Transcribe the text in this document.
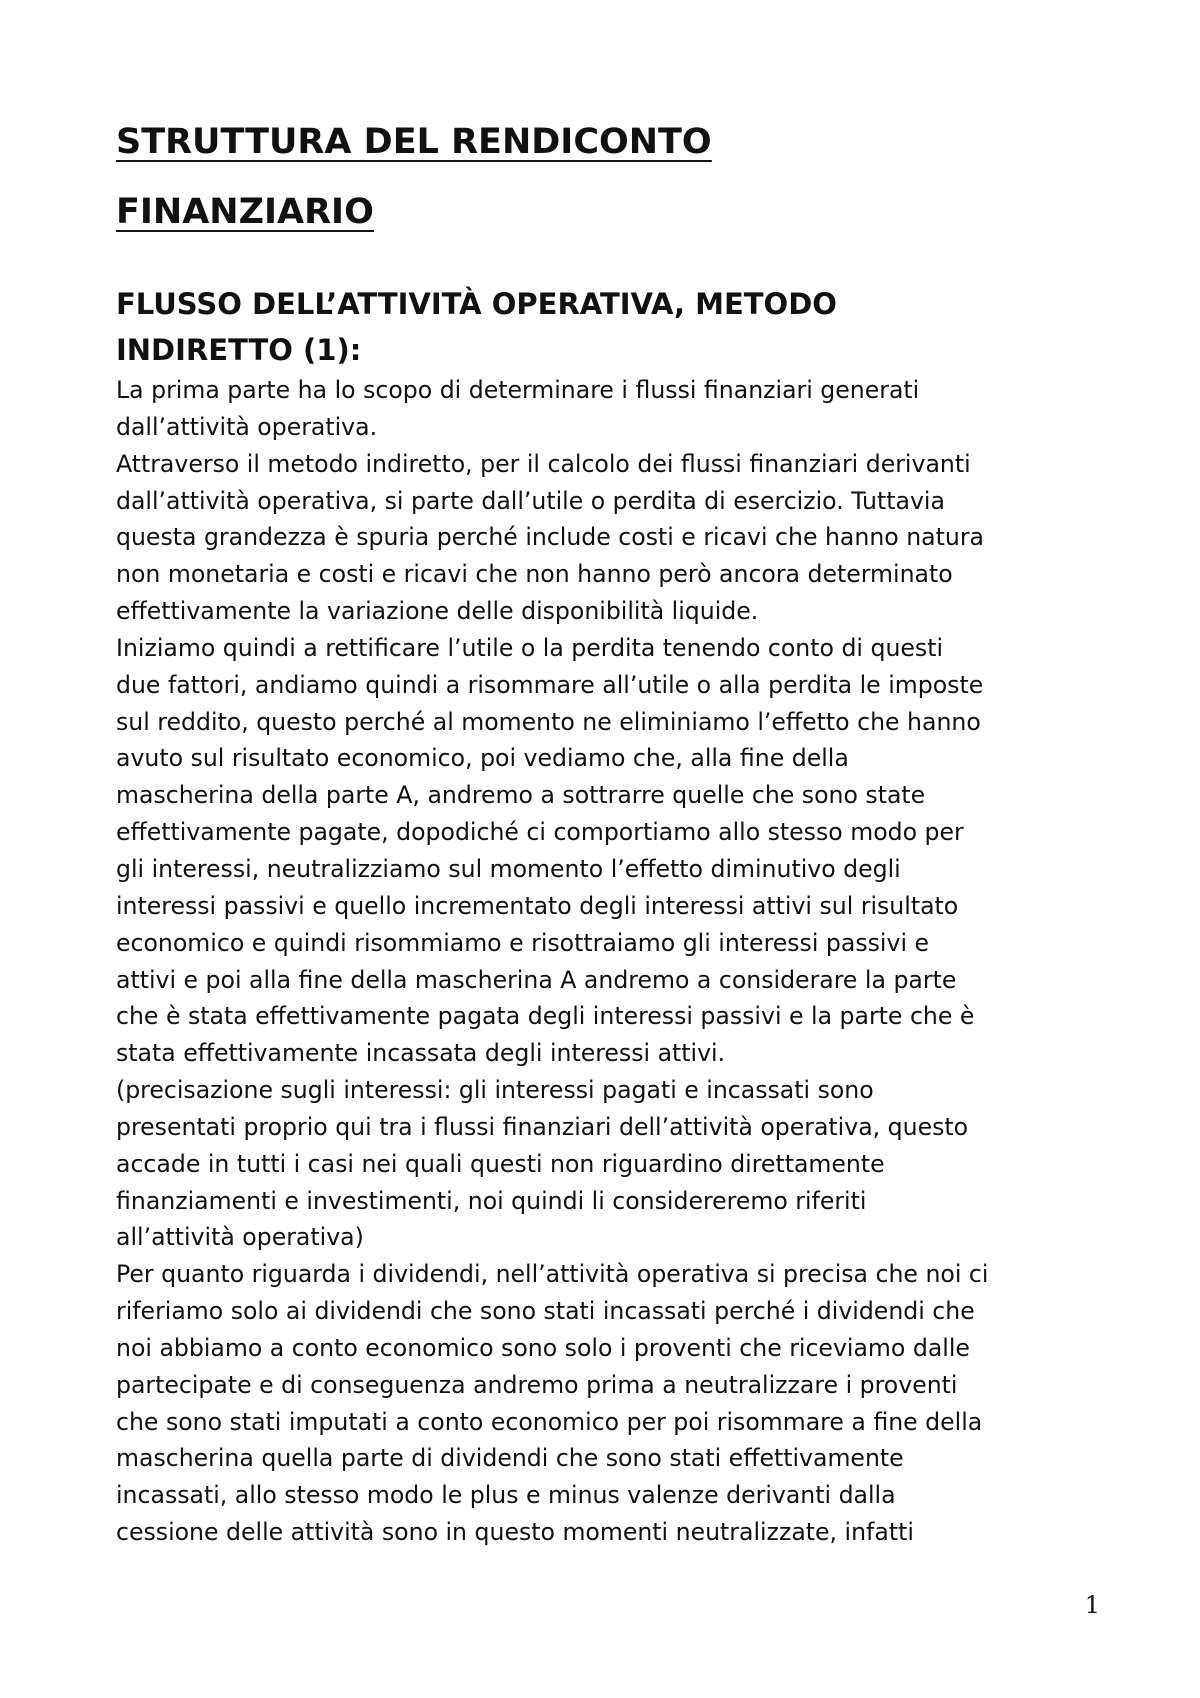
STRUTTURA DEL RENDICONTO
FINANZIARIO
FLUSSO DELL’ATTIVITÀ OPERATIVA, METODO
INDIRETTO (1):
La prima parte ha lo scopo di determinare i flussi finanziari generati
dall’attività operativa.
Attraverso il metodo indiretto, per il calcolo dei flussi finanziari derivanti
dall’attività operativa, si parte dall’utile o perdita di esercizio. Tuttavia
questa grandezza è spuria perché include costi e ricavi che hanno natura
non monetaria e costi e ricavi che non hanno però ancora determinato
effettivamente la variazione delle disponibilità liquide.
Iniziamo quindi a rettificare l’utile o la perdita tenendo conto di questi
due fattori, andiamo quindi a risommare all’utile o alla perdita le imposte
sul reddito, questo perché al momento ne eliminiamo l’effetto che hanno
avuto sul risultato economico, poi vediamo che, alla fine della
mascherina della parte A, andremo a sottrarre quelle che sono state
effettivamente pagate, dopodiché ci comportiamo allo stesso modo per
gli interessi, neutralizziamo sul momento l’effetto diminutivo degli
interessi passivi e quello incrementato degli interessi attivi sul risultato
economico e quindi risommiamo e risottraiamo gli interessi passivi e
attivi e poi alla fine della mascherina A andremo a considerare la parte
che è stata effettivamente pagata degli interessi passivi e la parte che è
stata effettivamente incassata degli interessi attivi.
(precisazione sugli interessi: gli interessi pagati e incassati sono
presentati proprio qui tra i flussi finanziari dell’attività operativa, questo
accade in tutti i casi nei quali questi non riguardino direttamente
finanziamenti e investimenti, noi quindi li considereremo riferiti
all’attività operativa)
Per quanto riguarda i dividendi, nell’attività operativa si precisa che noi ci
riferiamo solo ai dividendi che sono stati incassati perché i dividendi che
noi abbiamo a conto economico sono solo i proventi che riceviamo dalle
partecipate e di conseguenza andremo prima a neutralizzare i proventi
che sono stati imputati a conto economico per poi risommare a fine della
mascherina quella parte di dividendi che sono stati effettivamente
incassati, allo stesso modo le plus e minus valenze derivanti dalla
cessione delle attività sono in questo momenti neutralizzate, infatti
1
